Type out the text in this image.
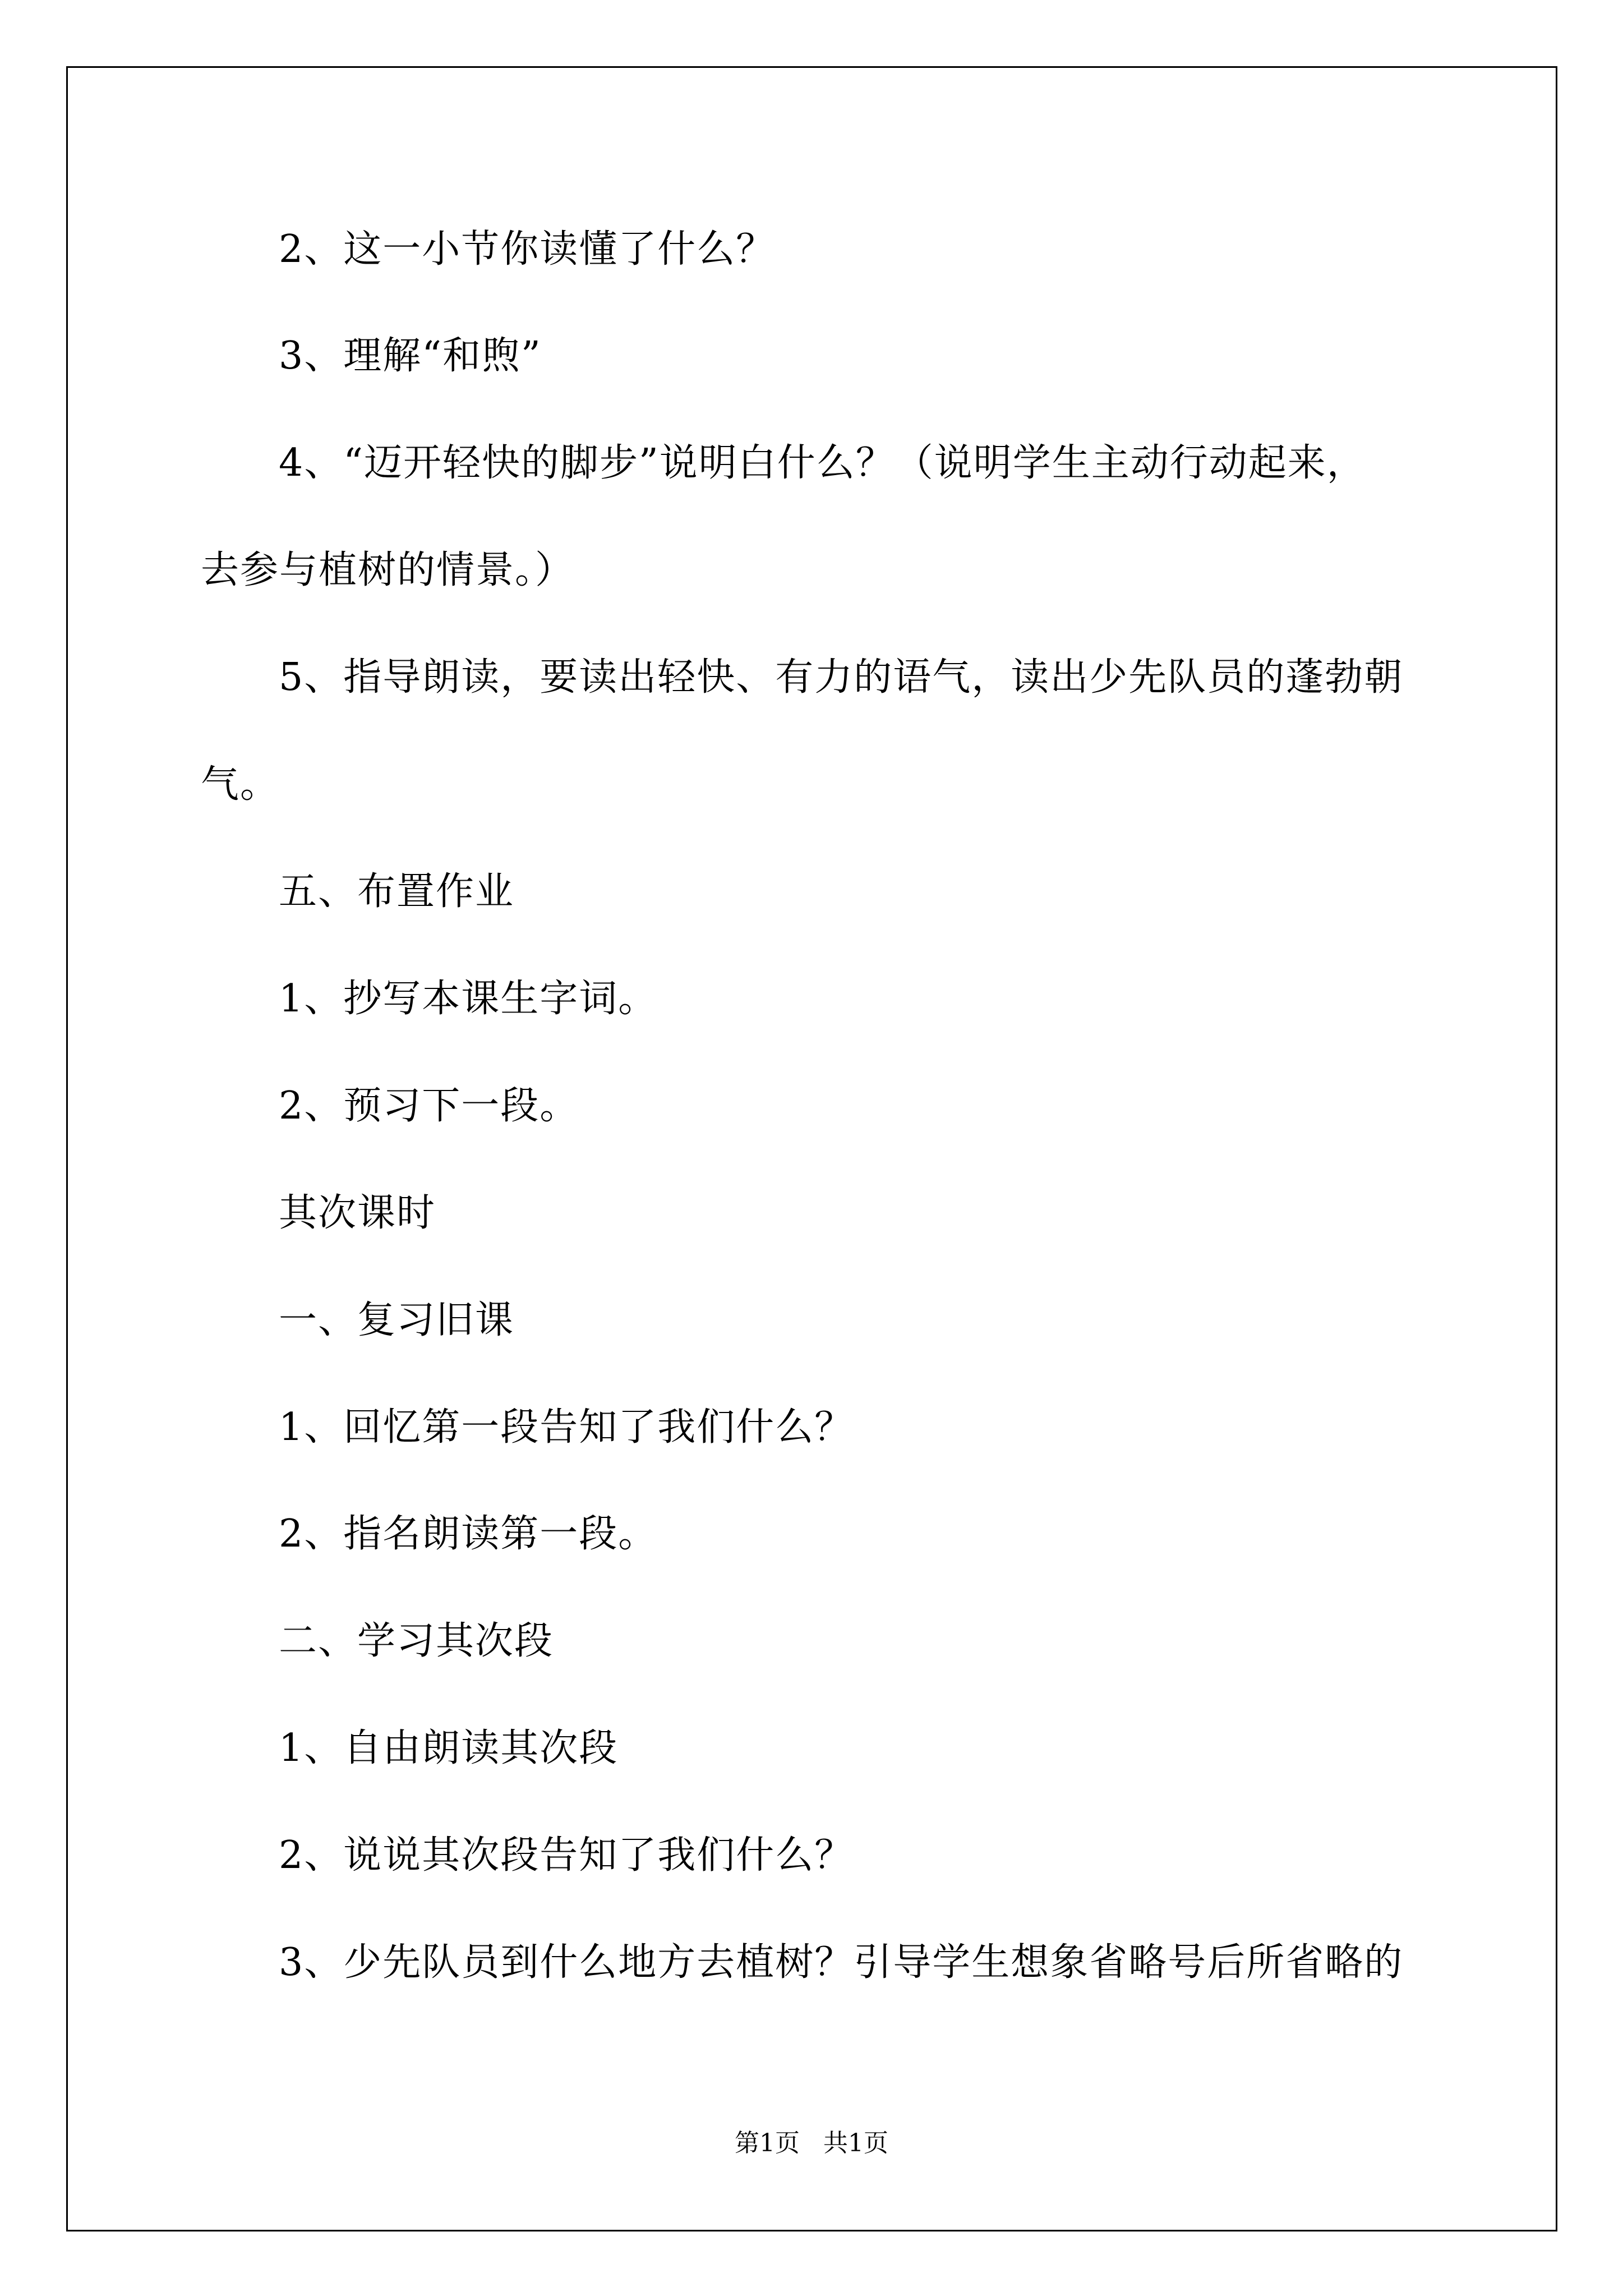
2、这一小节你读懂了什么？
3、理解“和煦”
4、“迈开轻快的脚步”说明白什么？（说明学生主动行动起来，
去参与植树的情景。）
5、指导朗读，要读出轻快、有力的语气，读出少先队员的蓬勃朝
气。
五、布置作业
1、抄写本课生字词。
2、预习下一段。
其次课时
一、复习旧课
1、回忆第一段告知了我们什么？
2、指名朗读第一段。
二、学习其次段
1、自由朗读其次段
2、说说其次段告知了我们什么？
3、少先队员到什么地方去植树？引导学生想象省略号后所省略的
第1页   共1页
